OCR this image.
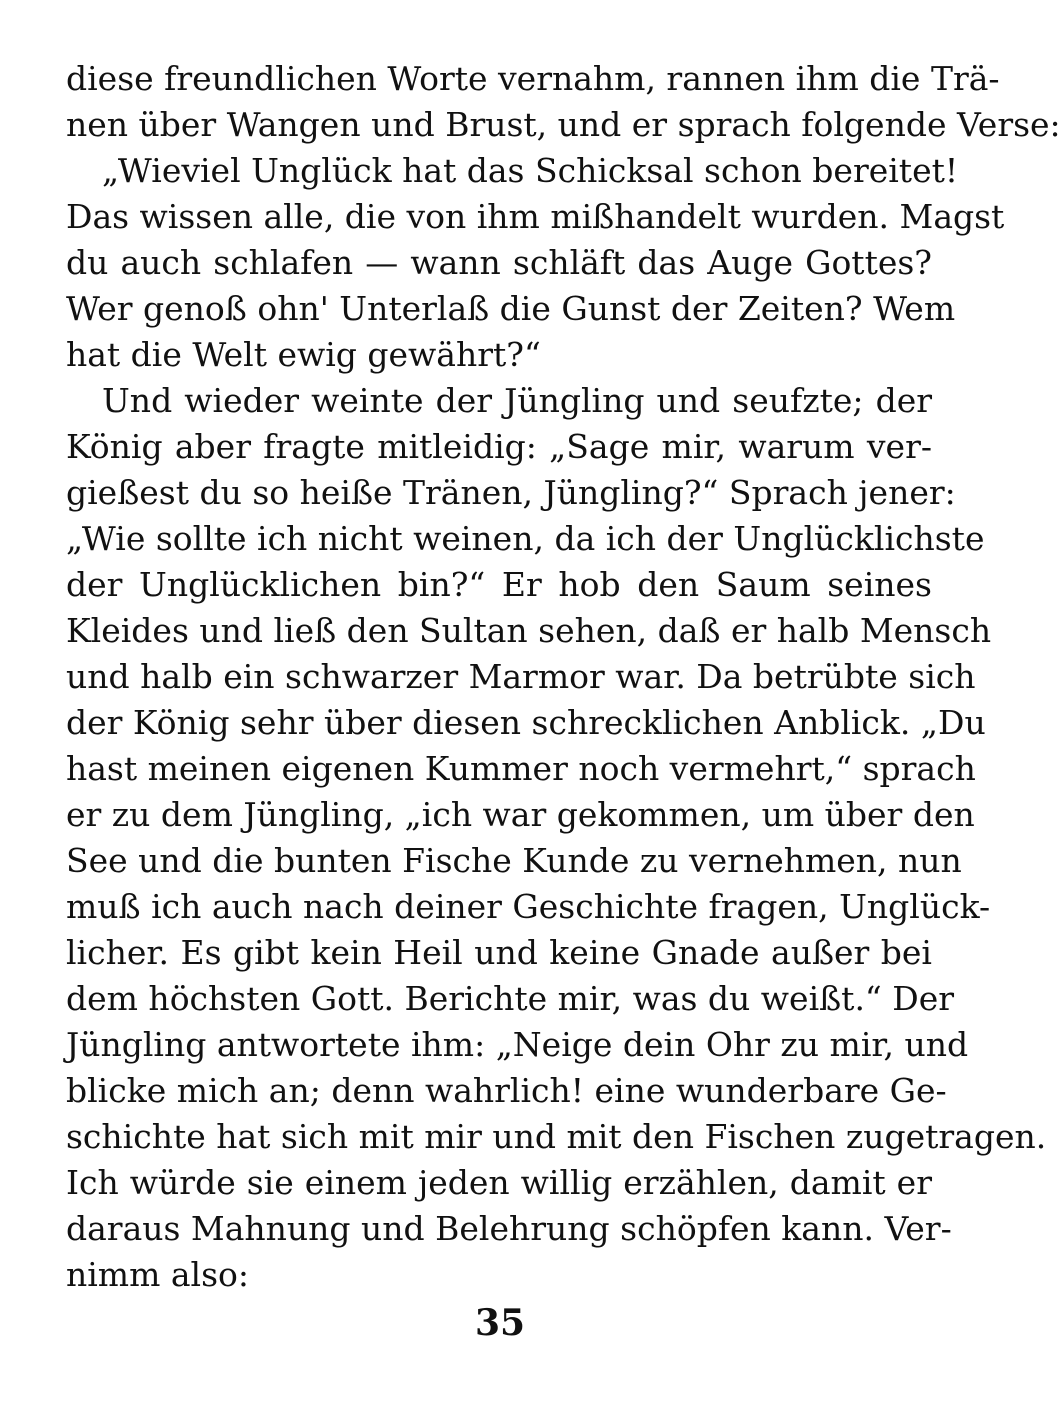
diese freundlichen Worte vernahm, rannen ihm die Trä-
nen über Wangen und Brust, und er sprach folgende Verse:
„Wieviel Unglück hat das Schicksal schon bereitet!
Das wissen alle, die von ihm mißhandelt wurden. Magst
du auch schlafen — wann schläft das Auge Gottes?
Wer genoß ohn' Unterlaß die Gunst der Zeiten? Wem
hat die Welt ewig gewährt?“
Und wieder weinte der Jüngling und seufzte; der
König aber fragte mitleidig: „Sage mir, warum ver-
gießest du so heiße Tränen, Jüngling?“ Sprach jener:
„Wie sollte ich nicht weinen, da ich der Unglücklichste
der Unglücklichen bin?“ Er hob den Saum seines
Kleides und ließ den Sultan sehen, daß er halb Mensch
und halb ein schwarzer Marmor war. Da betrübte sich
der König sehr über diesen schrecklichen Anblick. „Du
hast meinen eigenen Kummer noch vermehrt,“ sprach
er zu dem Jüngling, „ich war gekommen, um über den
See und die bunten Fische Kunde zu vernehmen, nun
muß ich auch nach deiner Geschichte fragen, Unglück-
licher. Es gibt kein Heil und keine Gnade außer bei
dem höchsten Gott. Berichte mir, was du weißt.“ Der
Jüngling antwortete ihm: „Neige dein Ohr zu mir, und
blicke mich an; denn wahrlich! eine wunderbare Ge-
schichte hat sich mit mir und mit den Fischen zugetragen.
Ich würde sie einem jeden willig erzählen, damit er
daraus Mahnung und Belehrung schöpfen kann. Ver-
nimm also:
35
